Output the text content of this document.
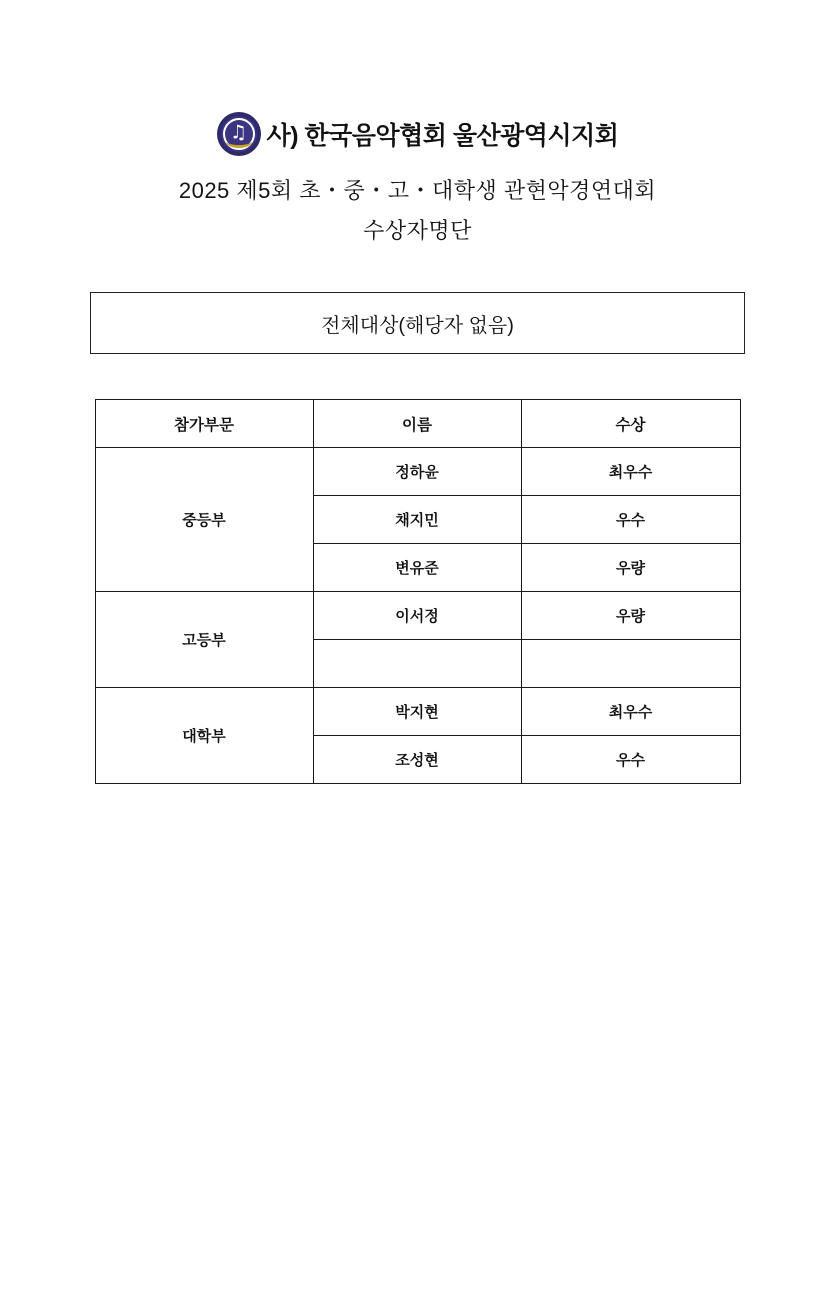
♫ 사) 한국음악협회 울산광역시지회
2025 제5회 초・중・고・대학생 관현악경연대회
수상자명단
전체대상(해당자 없음)
참가부문	이름	수상
중등부	정하윤	최우수
	채지민	우수
	변유준	우량
고등부	이서정	우량

대학부	박지현	최우수
	조성현	우수
